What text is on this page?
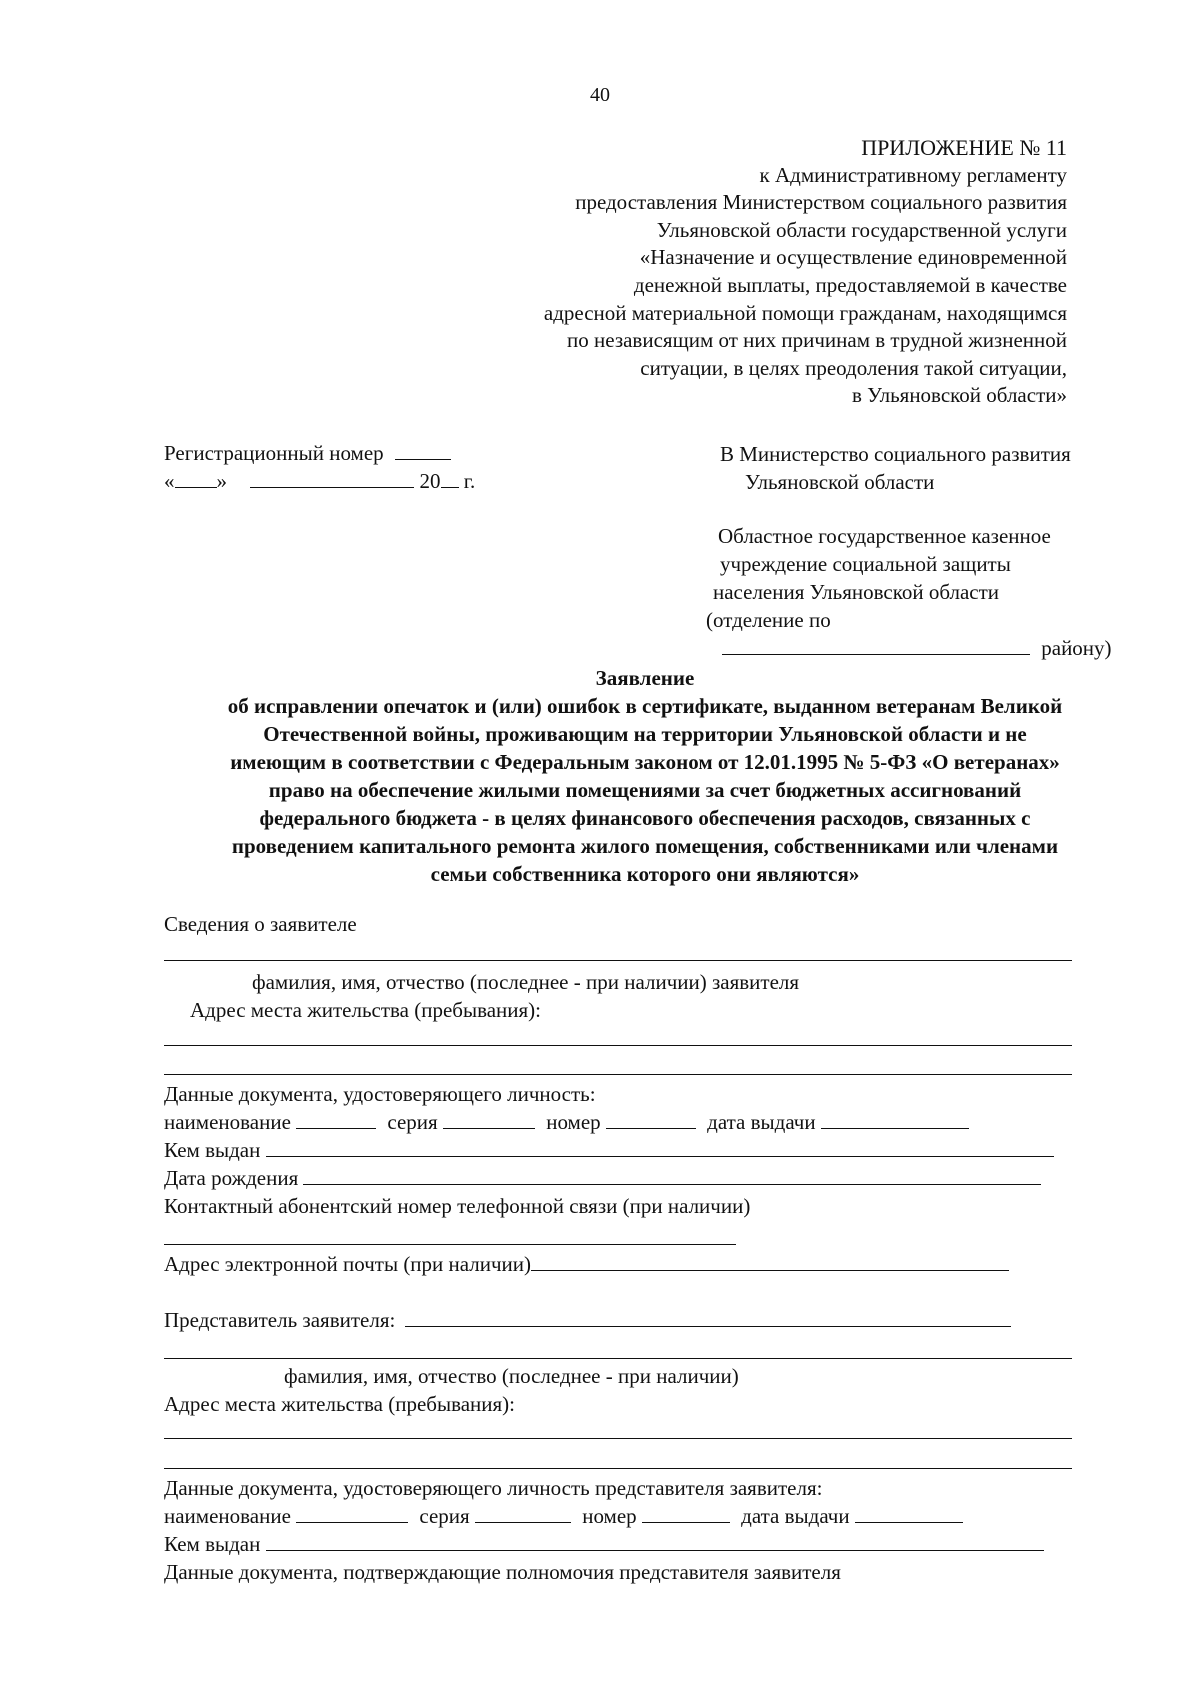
40
ПРИЛОЖЕНИЕ № 11
к Административному регламенту
предоставления Министерством социального развития
Ульяновской области государственной услуги
«Назначение и осуществление единовременной
денежной выплаты, предоставляемой в качестве
адресной материальной помощи гражданам, находящимся
по независящим от них причинам в трудной жизненной
ситуации, в целях преодоления такой ситуации,
в Ульяновской области»
Регистрационный номер
« »	20 г.
В Министерство социального развития
Ульяновской области
Областное государственное казенное
учреждение социальной защиты
населения Ульяновской области
(отделение по
району)
Заявление
об исправлении опечаток и (или) ошибок в сертификате, выданном ветеранам Великой
Отечественной войны, проживающим на территории Ульяновской области и не
имеющим в соответствии с Федеральным законом от 12.01.1995 № 5-ФЗ «О ветеранах»
право на обеспечение жилыми помещениями за счет бюджетных ассигнований
федерального бюджета - в целях финансового обеспечения расходов, связанных с
проведением капитального ремонта жилого помещения, собственниками или членами
семьи собственника которого они являются»
Сведения о заявителе
фамилия, имя, отчество (последнее - при наличии) заявителя
Адрес места жительства (пребывания):
Данные документа, удостоверяющего личность:
наименование	серия	номер	дата выдачи
Кем выдан
Дата рождения
Контактный абонентский номер телефонной связи (при наличии)
Адрес электронной почты (при наличии)
Представитель заявителя:
фамилия, имя, отчество (последнее - при наличии)
Адрес места жительства (пребывания):
Данные документа, удостоверяющего личность представителя заявителя:
наименование	серия	номер	дата выдачи
Кем выдан
Данные документа, подтверждающие полномочия представителя заявителя
